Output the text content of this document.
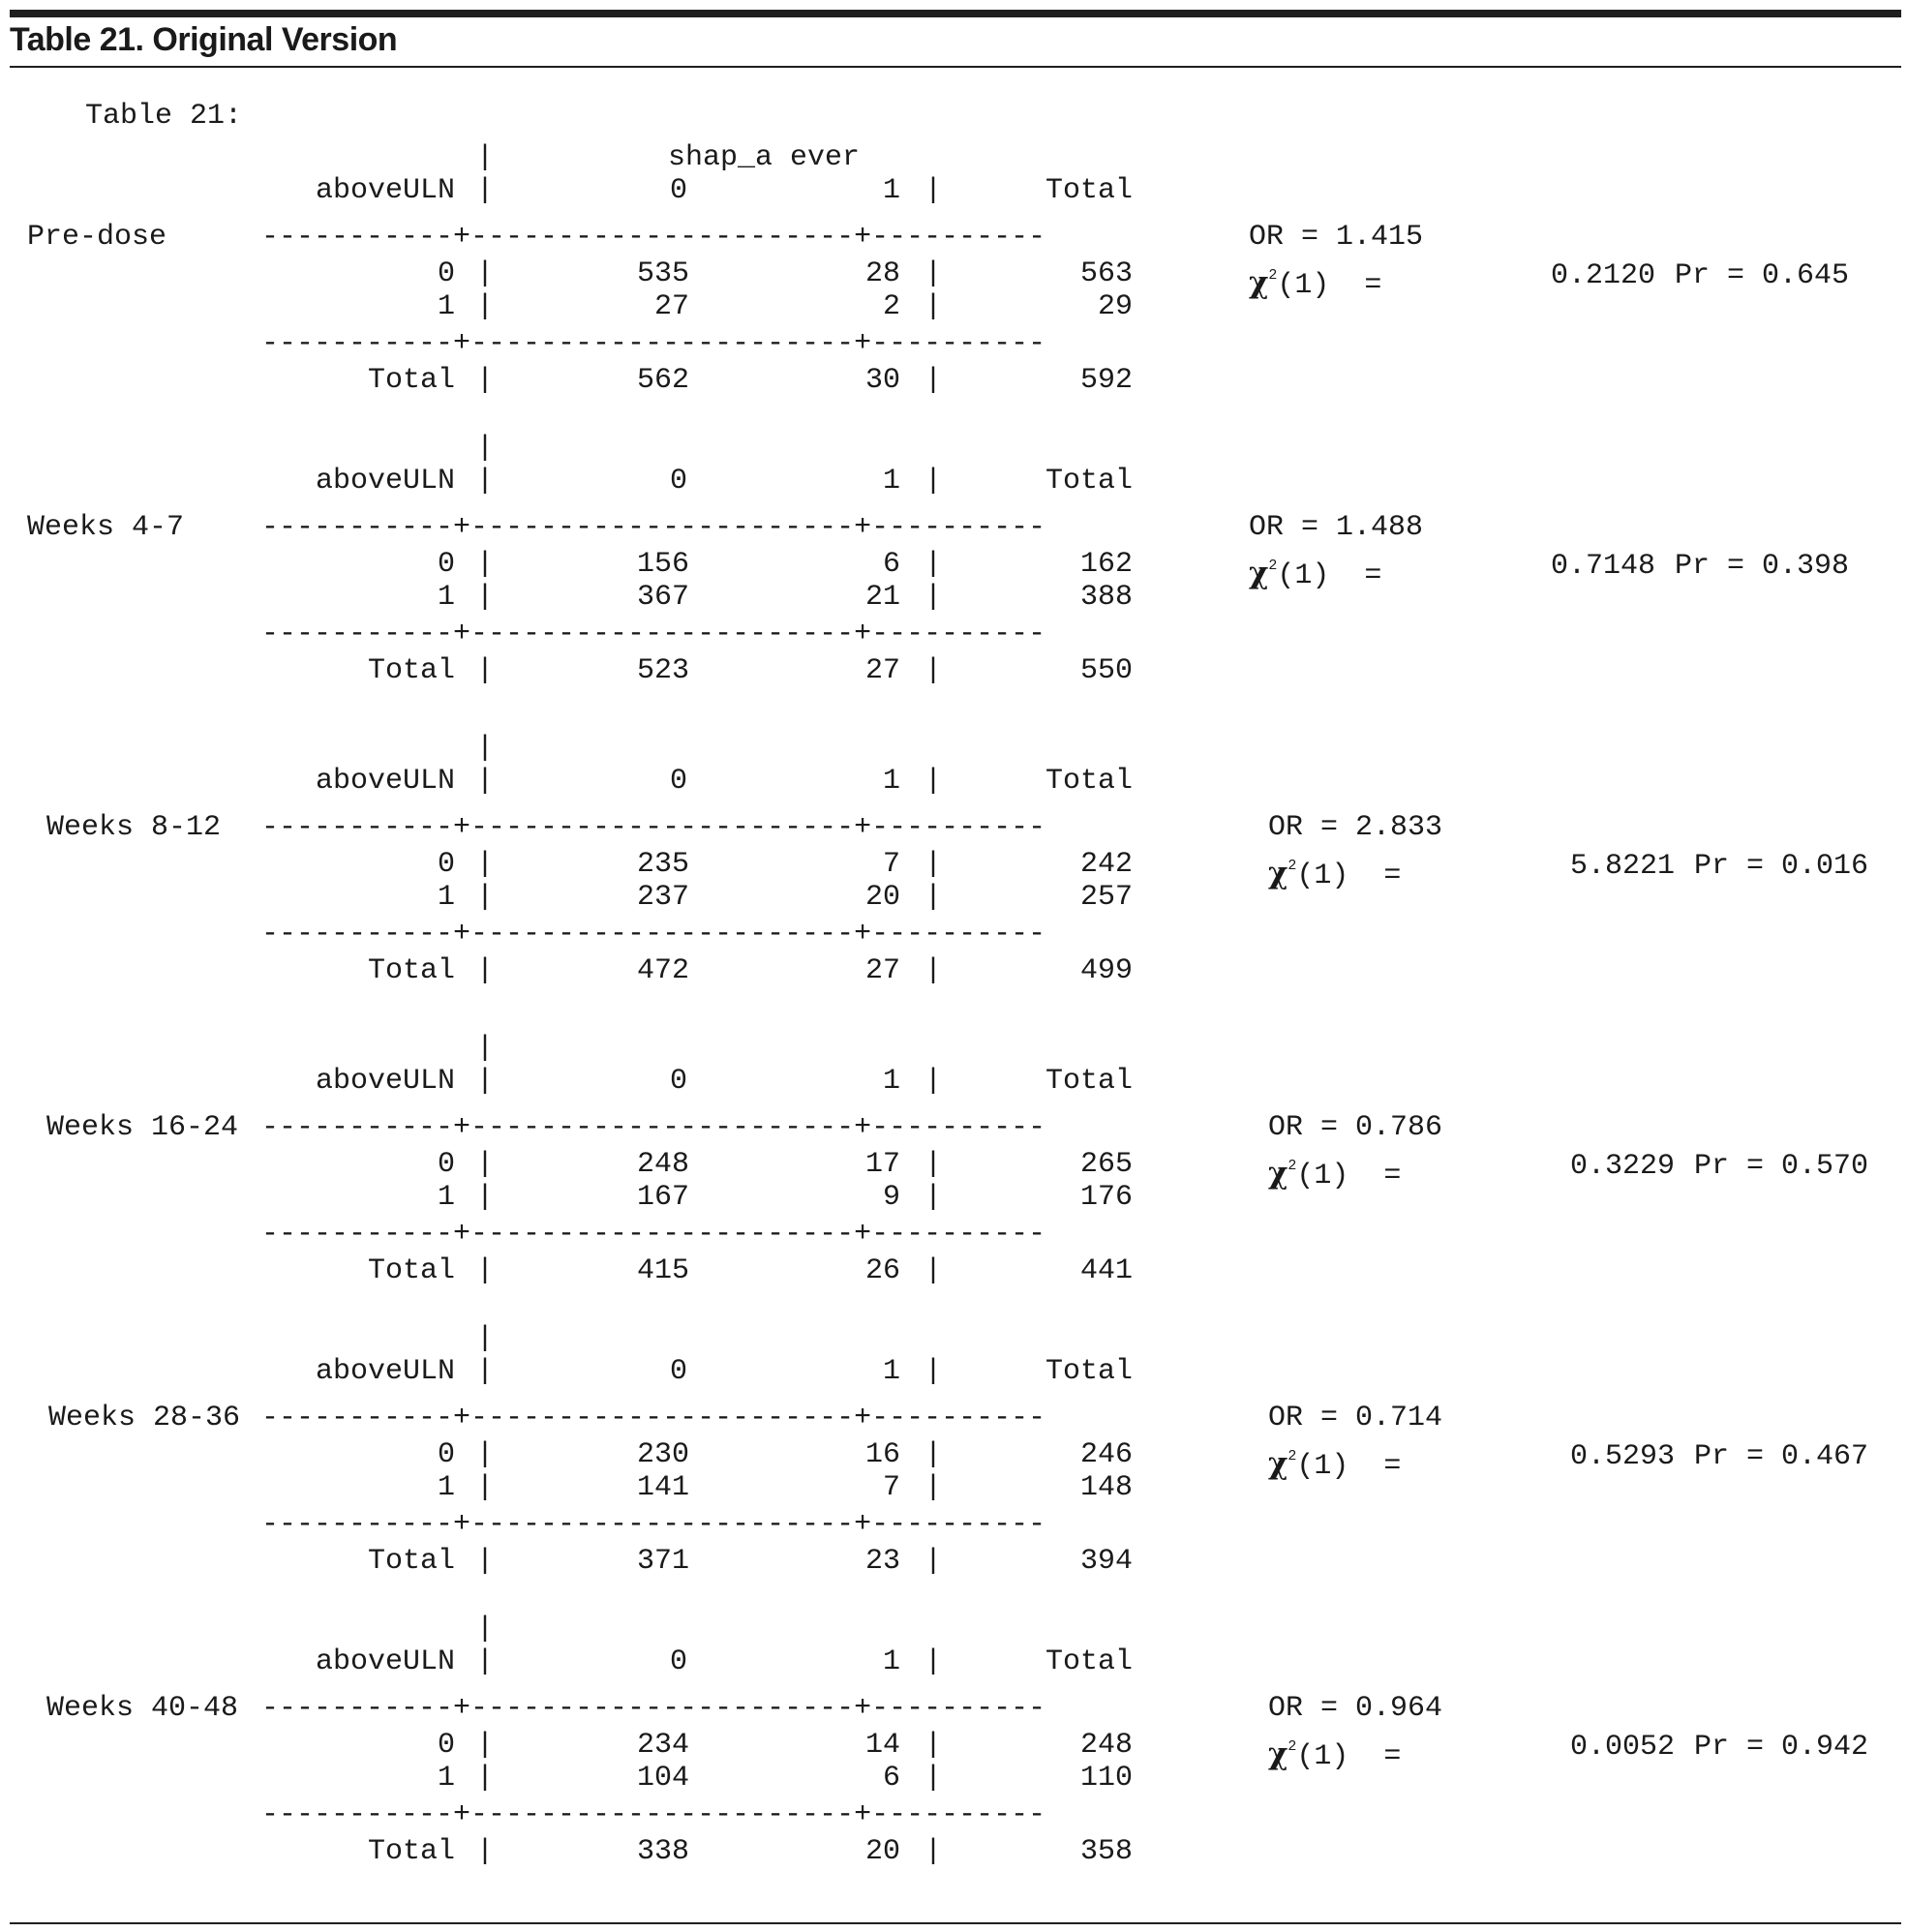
Table 21. Original Version
Table 21:
Pre-dose
shap_a ever
|
aboveULN |	0	1 |	Total
-----------+----------------------+----------
0 |	535	28 |	563
1 |	27	2 |	29
-----------+----------------------+----------
Total |	562	30 |	592
OR = 1.415
$\chi^2(1)$  =	0.2120 Pr = 0.645
Weeks 4-7
|
aboveULN |	0	1 |	Total
-----------+----------------------+----------
0 |	156	6 |	162
1 |	367	21 |	388
-----------+----------------------+----------
Total |	523	27 |	550
OR = 1.488
$\chi^2(1)$  =	0.7148 Pr = 0.398
Weeks 8-12
|
aboveULN |	0	1 |	Total
-----------+----------------------+----------
0 |	235	7 |	242
1 |	237	20 |	257
-----------+----------------------+----------
Total |	472	27 |	499
OR = 2.833
$\chi^2(1)$  =	5.8221 Pr = 0.016
Weeks 16-24
|
aboveULN |	0	1 |	Total
-----------+----------------------+----------
0 |	248	17 |	265
1 |	167	9 |	176
-----------+----------------------+----------
Total |	415	26 |	441
OR = 0.786
$\chi^2(1)$  =	0.3229 Pr = 0.570
Weeks 28-36
|
aboveULN |	0	1 |	Total
-----------+----------------------+----------
0 |	230	16 |	246
1 |	141	7 |	148
-----------+----------------------+----------
Total |	371	23 |	394
OR = 0.714
$\chi^2(1)$  =	0.5293 Pr = 0.467
Weeks 40-48
|
aboveULN |	0	1 |	Total
-----------+----------------------+----------
0 |	234	14 |	248
1 |	104	6 |	110
-----------+----------------------+----------
Total |	338	20 |	358
OR = 0.964
$\chi^2(1)$  =	0.0052 Pr = 0.942
